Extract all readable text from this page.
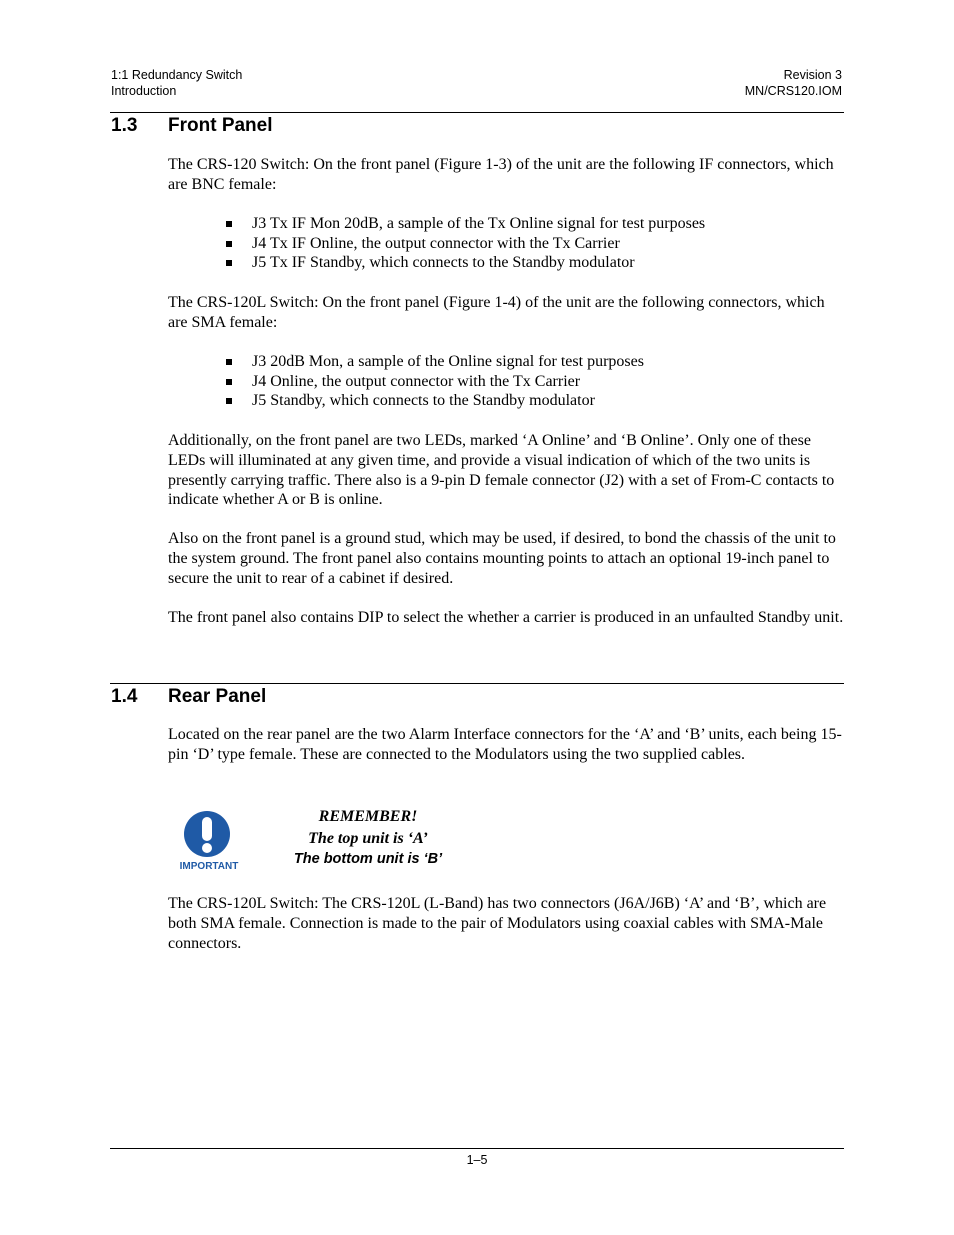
1:1 Redundancy Switch
Introduction
Revision 3
MN/CRS120.IOM
1.3 Front Panel

The CRS-120 Switch: On the front panel (Figure 1-3) of the unit are the following IF connectors, which are BNC female:

J3 Tx IF Mon 20dB, a sample of the Tx Online signal for test purposes
J4 Tx IF Online, the output connector with the Tx Carrier
J5 Tx IF Standby, which connects to the Standby modulator

The CRS-120L Switch: On the front panel (Figure 1-4) of the unit are the following connectors, which are SMA female:

J3 20dB Mon, a sample of the Online signal for test purposes
J4 Online, the output connector with the Tx Carrier
J5 Standby, which connects to the Standby modulator

Additionally, on the front panel are two LEDs, marked ‘A Online’ and ‘B Online’. Only one of these LEDs will illuminated at any given time, and provide a visual indication of which of the two units is presently carrying traffic. There also is a 9-pin D female connector (J2) with a set of From-C contacts to indicate whether A or B is online.

Also on the front panel is a ground stud, which may be used, if desired, to bond the chassis of the unit to the system ground. The front panel also contains mounting points to attach an optional 19-inch panel to secure the unit to rear of a cabinet if desired.

The front panel also contains DIP to select the whether a carrier is produced in an unfaulted Standby unit.

1.4 Rear Panel

Located on the rear panel are the two Alarm Interface connectors for the ‘A’ and ‘B’ units, each being 15-pin ‘D’ type female. These are connected to the Modulators using the two supplied cables.

IMPORTANT
REMEMBER!
The top unit is ‘A’
The bottom unit is ‘B’

The CRS-120L Switch: The CRS-120L (L-Band) has two connectors (J6A/J6B) ‘A’ and ‘B’, which are both SMA female. Connection is made to the pair of Modulators using coaxial cables with SMA-Male connectors.

1–5
